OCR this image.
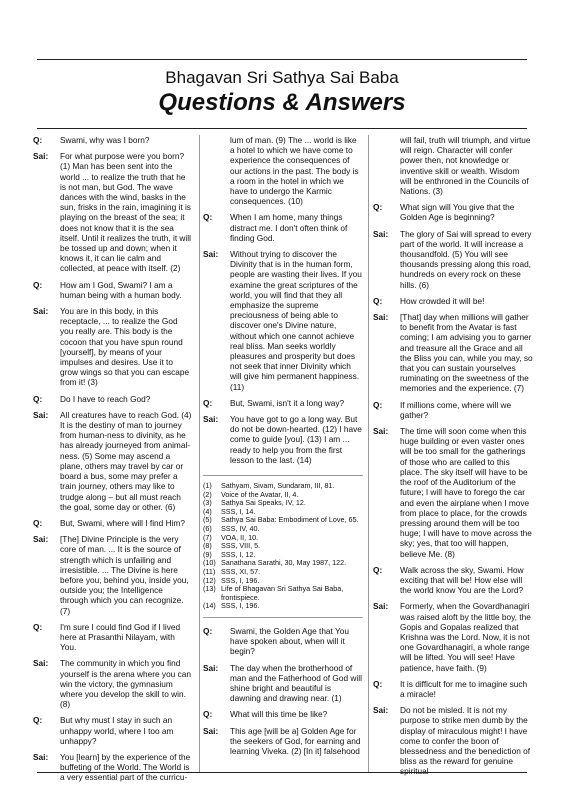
Bhagavan Sri Sathya Sai Baba
Questions & Answers
Q:	Swami, why was I born?
Sai:	For what purpose were you born? (1) Man has been sent into the world ... to realize the truth that he is not man, but God. The wave dances with the wind, basks in the sun, frisks in the rain, imagining it is playing on the breast of the sea; it does not know that it is the sea itself. Until it realizes the truth, it will be tossed up and down; when it knows it, it can lie calm and collected, at peace with itself. (2)
Q:	How am I God, Swami? I am a human being with a human body.
Sai:	You are in this body, in this receptacle, ... to realize the God you really are. This body is the cocoon that you have spun round [yourself], by means of your impulses and desires. Use it to grow wings so that you can escape from it! (3)
Q:	Do I have to reach God?
Sai:	All creatures have to reach God. (4) It is the destiny of man to journey from human-ness to divinity, as he has already journeyed from animal-ness. (5) Some may ascend a plane, others may travel by car or board a bus, some may prefer a train journey, others may like to trudge along – but all must reach the goal, some day or other. (6)
Q:	But, Swami, where will I find Him?
Sai:	[The] Divine Principle is the very core of man. ... It is the source of strength which is unfailing and irresistible. ... The Divine is here before you, behind you, inside you, outside you; the Intelligence through which you can recognize. (7)
Q:	I'm sure I could find God if I lived here at Prasanthi Nilayam, with You.
Sai:	The community in which you find yourself is the arena where you can win the victory, the gymnasium where you develop the skill to win. (8)
Q:	But why must I stay in such an unhappy world, where I too am unhappy?
Sai:	You [learn] by the experience of the buffeting of the World. The World is a very essential part of the curricu-
lum of man. (9) The ... world is like a hotel to which we have come to experience the consequences of our actions in the past. The body is a room in the hotel in which we have to undergo the Karmic consequences. (10)
Q:	When I am home, many things distract me. I don't often think of finding God.
Sai:	Without trying to discover the Divinity that is in the human form, people are wasting their lives. If you examine the great scriptures of the world, you will find that they all emphasize the supreme preciousness of being able to discover one's Divine nature, without which one cannot achieve real bliss. Man seeks worldly pleasures and prosperity but does not seek that inner Divinity which will give him permanent happiness. (11)
Q:	But, Swami, isn't it a long way?
Sai:	You have got to go a long way. But do not be down-hearted. (12) I have come to guide [you]. (13) I am ... ready to help you from the first lesson to the last. (14)
(1)	Sathyam, Sivam, Sundaram, III, 81.
(2)	Voice of the Avatar, II, 4.
(3)	Sathya Sai Speaks, IV, 12.
(4)	SSS, I, 14.
(5)	Sathya Sai Baba: Embodiment of Love, 65.
(6)	SSS, IV, 40.
(7)	VOA, II, 10.
(8)	SSS, VIII, 5.
(9)	SSS, I, 12.
(10) Sanathana Sarathi, 30, May 1987, 122.
(11) SSS, XI, 57.
(12) SSS, I, 196.
(13) Life of Bhagavan Sri Sathya Sai Baba, frontispiece.
(14) SSS, I, 196.
Q:	Swami, the Golden Age that You have spoken about, when will it begin?
Sai:	The day when the brotherhood of man and the Fatherhood of God will shine bright and beautiful is dawning and drawing near. (1)
Q:	What will this time be like?
Sai:	This age [will be a] Golden Age for the seekers of God, for earning and learning Viveka. (2) [In it] falsehood
will fail, truth will triumph, and virtue will reign. Character will confer power then, not knowledge or inventive skill or wealth. Wisdom will be enthroned in the Councils of Nations. (3)
Q:	What sign will You give that the Golden Age is beginning?
Sai:	The glory of Sai will spread to every part of the world. It will increase a thousandfold. (5) You will see thousands pressing along this road, hundreds on every rock on these hills. (6)
Q:	How crowded it will be!
Sai:	[That] day when millions will gather to benefit from the Avatar is fast coming; I am advising you to garner and treasure all the Grace and all the Bliss you can, while you may, so that you can sustain yourselves ruminating on the sweetness of the memories and the experience. (7)
Q:	If millions come, where will we gather?
Sai:	The time will soon come when this huge building or even vaster ones will be too small for the gatherings of those who are called to this place. The sky itself will have to be the roof of the Auditorium of the future; I will have to forego the car and even the airplane when I move from place to place, for the crowds pressing around them will be too huge; I will have to move across the sky; yes, that too will happen, believe Me. (8)
Q:	Walk across the sky, Swami. How exciting that will be! How else will the world know You are the Lord?
Sai:	Formerly, when the Govardhanagiri was raised aloft by the little boy, the Gopis and Gopalas realized that Krishna was the Lord. Now, it is not one Govardhanagiri, a whole range will be lifted. You will see! Have patience, have faith. (9)
Q:	It is difficult for me to imagine such a miracle!
Sai:	Do not be misled. It is not my purpose to strike men dumb by the display of miraculous might! I have come to confer the boon of blessedness and the benediction of bliss as the reward for genuine spiritual
